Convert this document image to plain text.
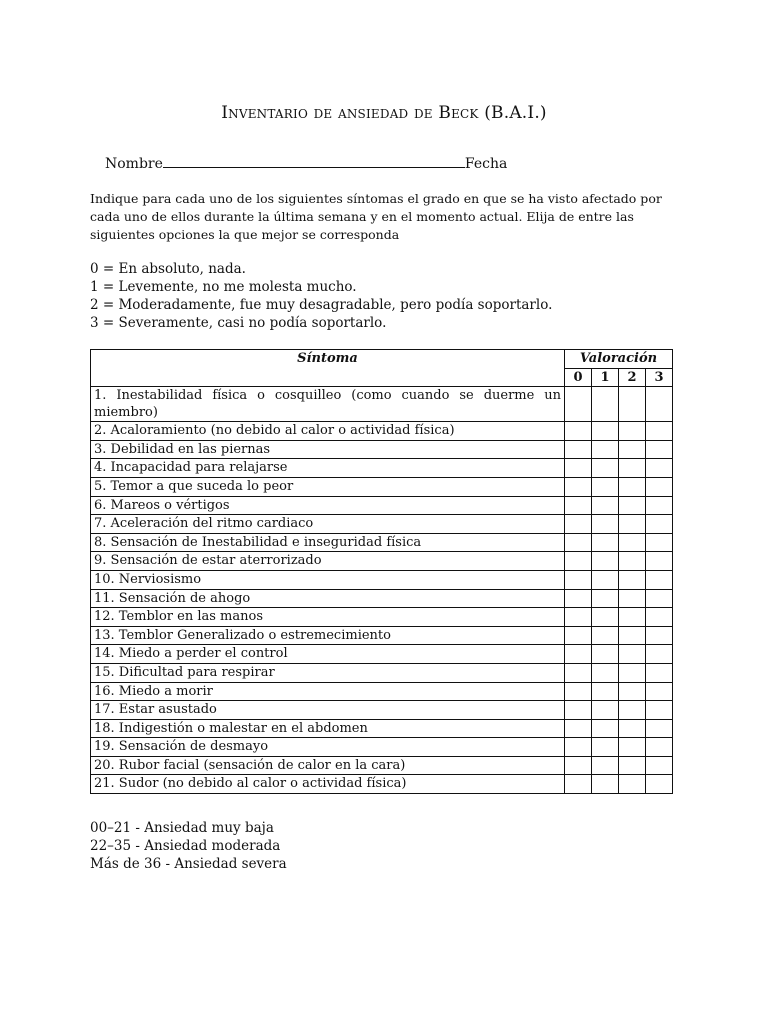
Inventario de ansiedad de Beck (B.A.I.)
Nombre	Fecha
Indique para cada uno de los siguientes síntomas el grado en que se ha visto afectado por cada uno de ellos durante la última semana y en el momento actual. Elija de entre las siguientes opciones la que mejor se corresponda
0 = En absoluto, nada.
1 = Levemente, no me molesta mucho.
2 = Moderadamente, fue muy desagradable, pero podía soportarlo.
3 = Severamente, casi no podía soportarlo.
Síntoma	Valoración			
	0	1	2	3
1. Inestabilidad física o cosquilleo (como cuando se duerme un miembro)				
2. Acaloramiento (no debido al calor o actividad física)				
3. Debilidad en las piernas				
4. Incapacidad para relajarse				
5. Temor a que suceda lo peor				
6. Mareos o vértigos				
7. Aceleración del ritmo cardiaco				
8. Sensación de Inestabilidad e inseguridad física				
9. Sensación de estar aterrorizado				
10. Nerviosismo				
11. Sensación de ahogo				
12. Temblor en las manos				
13. Temblor Generalizado o estremecimiento				
14. Miedo a perder el control				
15. Dificultad para respirar				
16. Miedo a morir				
17. Estar asustado				
18. Indigestión o malestar en el abdomen				
19. Sensación de desmayo				
20. Rubor facial (sensación de calor en la cara)				
21. Sudor (no debido al calor o actividad física)				
00–21 - Ansiedad muy baja
22–35 - Ansiedad moderada
Más de 36 - Ansiedad severa
